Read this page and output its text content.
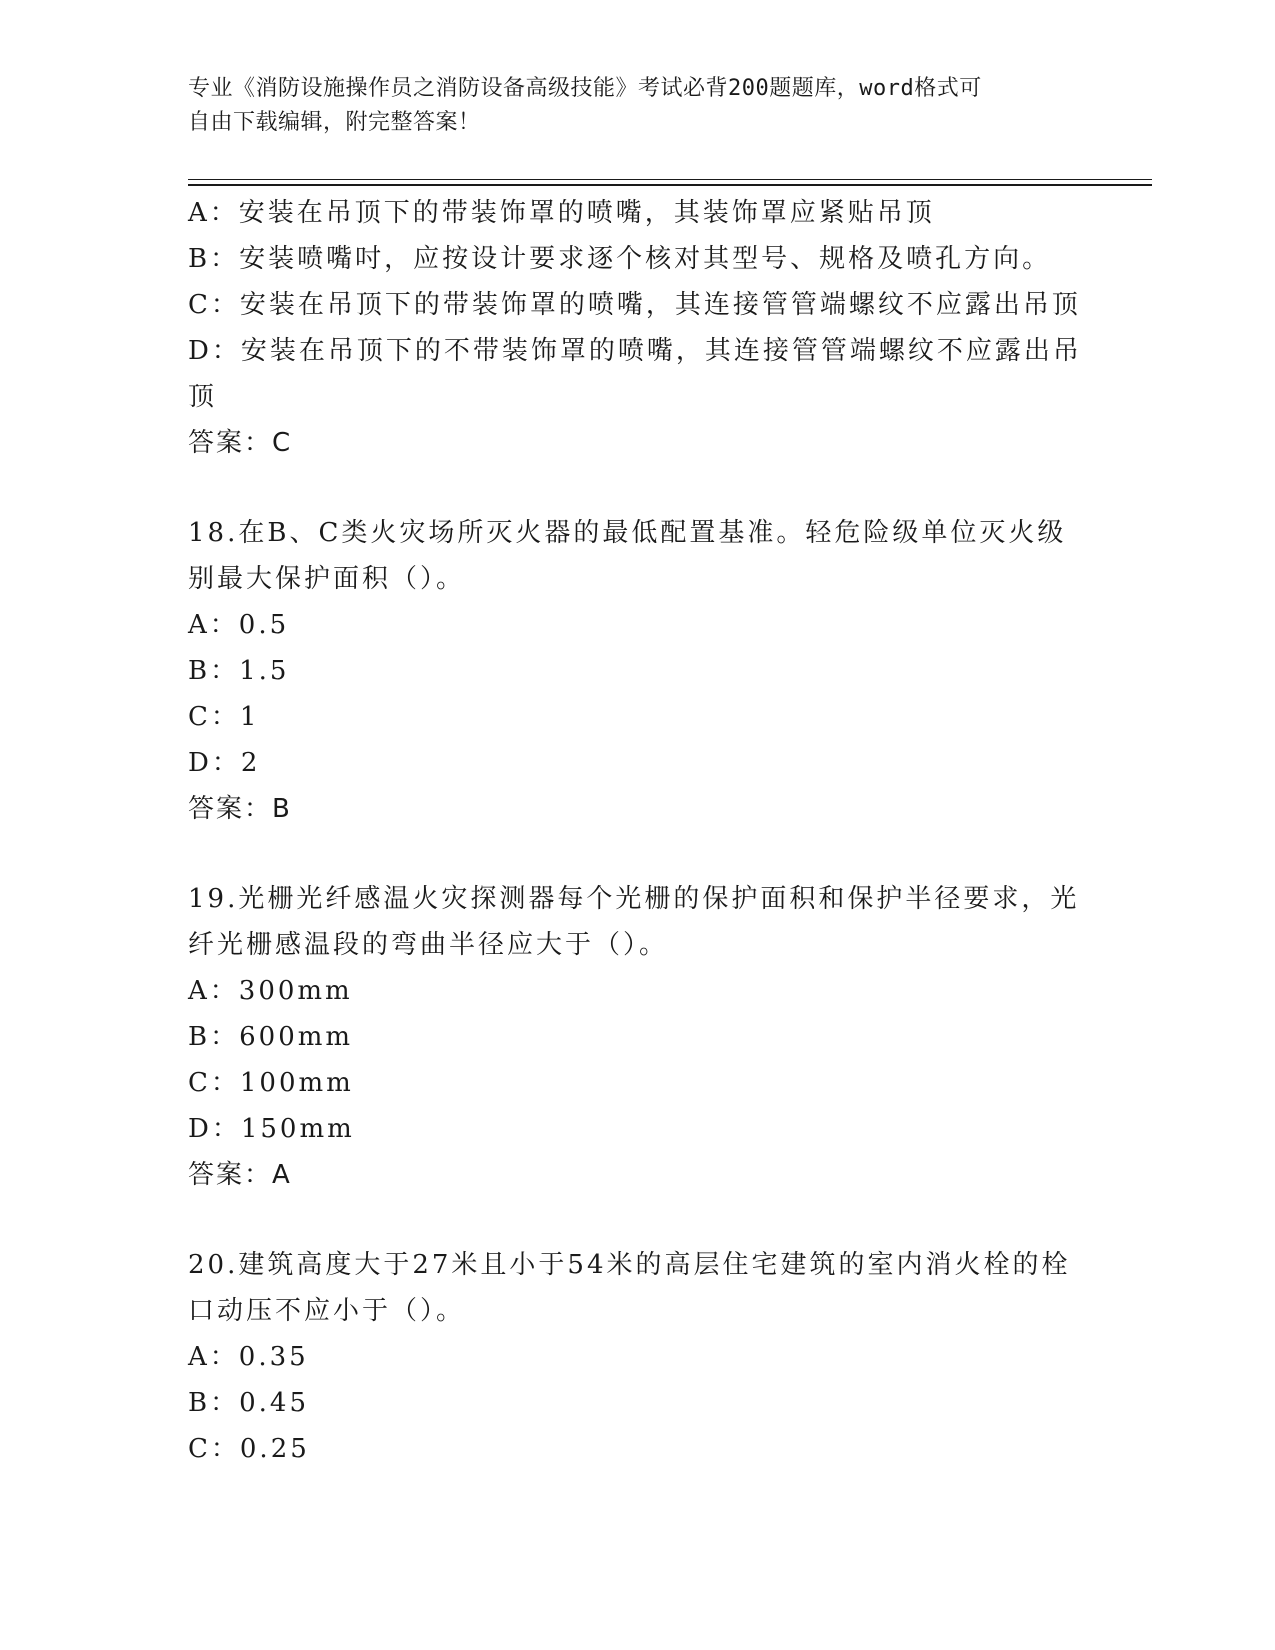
专业《消防设施操作员之消防设备高级技能》考试必背200题题库，word格式可
自由下载编辑，附完整答案！
A：安装在吊顶下的带装饰罩的喷嘴，其装饰罩应紧贴吊顶
B：安装喷嘴吋，应按设计要求逐个核对其型号、规格及喷孔方向。
C：安装在吊顶下的带装饰罩的喷嘴，其连接管管端螺纹不应露出吊顶
D：安装在吊顶下的不带装饰罩的喷嘴，其连接管管端螺纹不应露出吊
顶
答案：C
18.在B、C类火灾场所灭火器的最低配置基准。轻危险级单位灭火级
别最大保护面积（）。
A：0.5
B：1.5
C：1
D：2
答案：B
19.光栅光纤感温火灾探测器每个光栅的保护面积和保护半径要求，光
纤光栅感温段的弯曲半径应大于（）。
A：300mm
B：600mm
C：100mm
D：150mm
答案：A
20.建筑高度大于27米且小于54米的高层住宅建筑的室内消火栓的栓
口动压不应小于（）。
A：0.35
B：0.45
C：0.25
